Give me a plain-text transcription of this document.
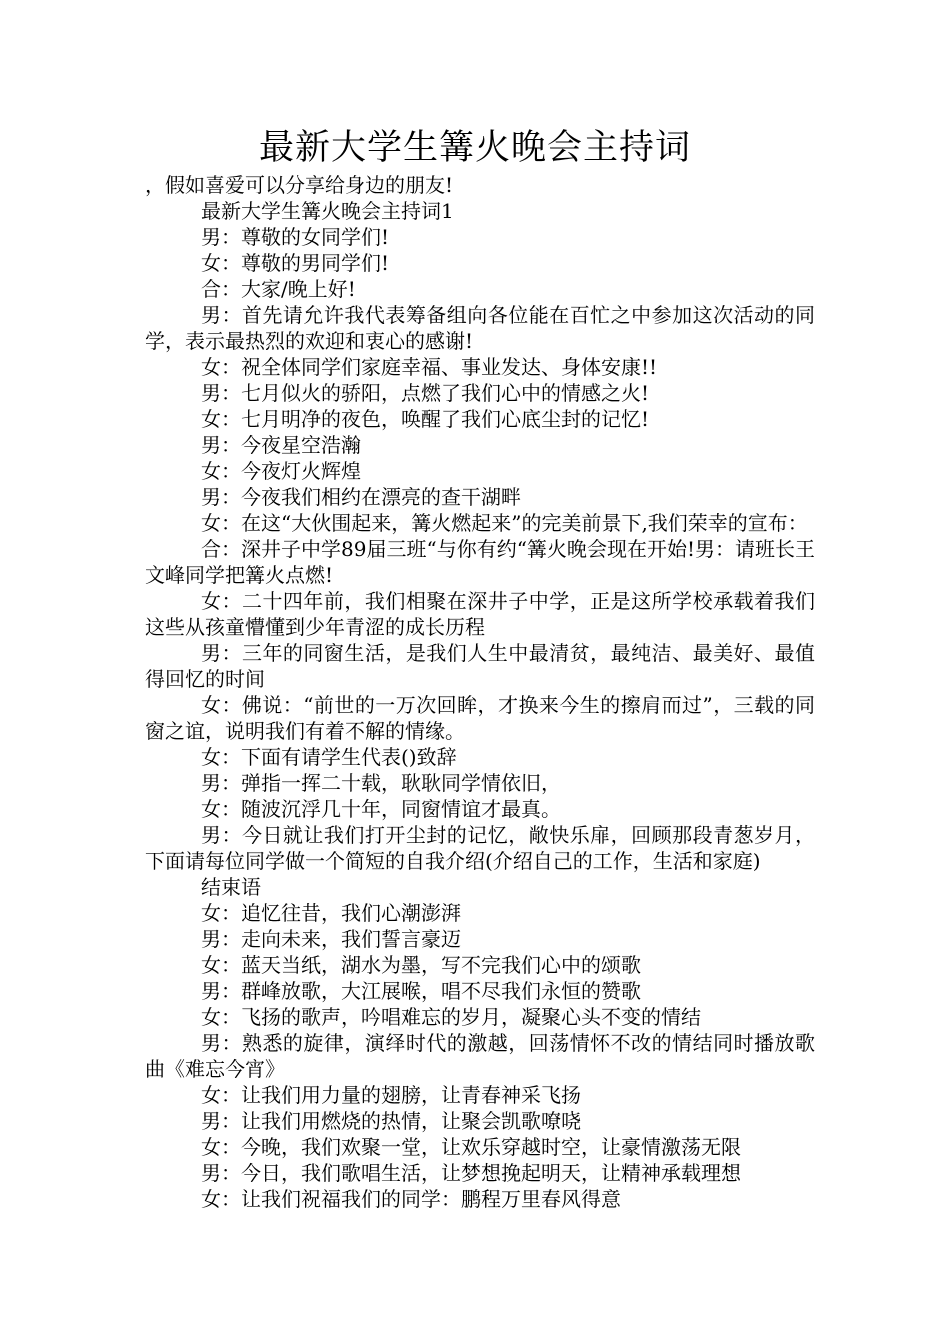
最新大学生篝火晚会主持词

，假如喜爱可以分享给身边的朋友!

最新大学生篝火晚会主持词1

男：尊敬的女同学们!

女：尊敬的男同学们!

合：大家/晚上好!

男：首先请允许我代表筹备组向各位能在百忙之中参加这次活动的同学，表示最热烈的欢迎和衷心的感谢!

女：祝全体同学们家庭幸福、事业发达、身体安康!!

男：七月似火的骄阳，点燃了我们心中的情感之火!

女：七月明净的夜色，唤醒了我们心底尘封的记忆!

男：今夜星空浩瀚

女：今夜灯火辉煌

男：今夜我们相约在漂亮的查干湖畔

女：在这“大伙围起来，篝火燃起来”的完美前景下,我们荣幸的宣布：

合：深井子中学89届三班“与你有约“篝火晚会现在开始!男：请班长王文峰同学把篝火点燃!

女：二十四年前，我们相聚在深井子中学，正是这所学校承载着我们这些从孩童懵懂到少年青涩的成长历程

男：三年的同窗生活，是我们人生中最清贫，最纯洁、最美好、最值得回忆的时间

女：佛说：“前世的一万次回眸，才换来今生的擦肩而过”，三载的同窗之谊，说明我们有着不解的情缘。

女：下面有请学生代表()致辞

男：弹指一挥二十载，耿耿同学情依旧，

女：随波沉浮几十年，同窗情谊才最真。

男：今日就让我们打开尘封的记忆，敞快乐扉，回顾那段青葱岁月，下面请每位同学做一个简短的自我介绍(介绍自己的工作，生活和家庭)

结束语

女：追忆往昔，我们心潮澎湃

男：走向未来，我们誓言豪迈

女：蓝天当纸，湖水为墨，写不完我们心中的颂歌

男：群峰放歌，大江展喉，唱不尽我们永恒的赞歌

女：飞扬的歌声，吟唱难忘的岁月，凝聚心头不变的情结

男：熟悉的旋律，演绎时代的激越，回荡情怀不改的情结同时播放歌曲《难忘今宵》

女：让我们用力量的翅膀，让青春神采飞扬

男：让我们用燃烧的热情，让聚会凯歌嘹哓

女：今晚，我们欢聚一堂，让欢乐穿越时空，让豪情激荡无限

男：今日，我们歌唱生活，让梦想挽起明天，让精神承载理想

女：让我们祝福我们的同学：鹏程万里春风得意
